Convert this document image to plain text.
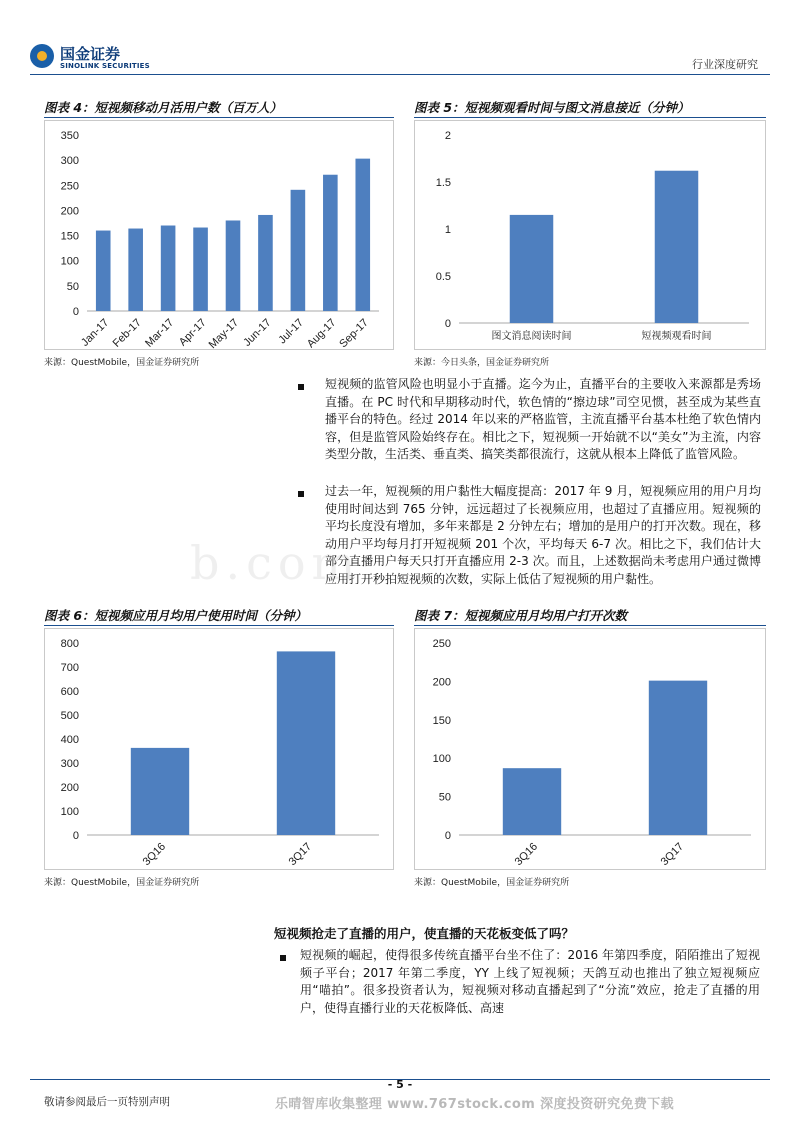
国金证券
SINOLINK SECURITIES	行业深度研究
图表 4：短视频移动月活用户数（百万人）
0
50
100
150
200
250
300
350
Jan-17 Feb-17 Mar-17 Apr-17
May-17 Jun-17 Jul-17
Aug-17
Sep-17
来源：QuestMobile，国金证券研究所
图表 5：短视频观看时间与图文消息接近（分钟）
0
0.5
1
1.5
2
图文消息阅读时间	短视频观看时间
来源：今日头条，国金证券研究所
短视频的监管风险也明显小于直播。迄今为止，直播平台的主要收入来源都是秀场直播。在 PC 时代和早期移动时代，软色情的“擦边球”司空见惯，甚至成为某些直播平台的特色。经过 2014 年以来的严格监管，主流直播平台基本杜绝了软色情内容，但是监管风险始终存在。相比之下，短视频一开始就不以“美女”为主流，内容类型分散，生活类、垂直类、搞笑类都很流行，这就从根本上降低了监管风险。
过去一年，短视频的用户黏性大幅度提高：2017 年 9 月，短视频应用的用户月均使用时间达到 765 分钟，远远超过了长视频应用，也超过了直播应用。短视频的平均长度没有增加，多年来都是 2 分钟左右；增加的是用户的打开次数。现在，移动用户平均每月打开短视频 201 个次，平均每天 6-7 次。相比之下，我们估计大部分直播用户每天只打开直播应用 2-3 次。而且，上述数据尚未考虑用户通过微博应用打开秒拍短视频的次数，实际上低估了短视频的用户黏性。
b.com
图表 6：短视频应用月均用户使用时间（分钟）
0
100
200
300
400
500
600
700
800
3Q16	3Q17
来源：QuestMobile，国金证券研究所
图表 7：短视频应用月均用户打开次数
0
50
100
150
200
250
3Q16	3Q17
来源：QuestMobile，国金证券研究所
短视频抢走了直播的用户，使直播的天花板变低了吗？
短视频的崛起，使得很多传统直播平台坐不住了：2016 年第四季度，陌陌推出了短视频子平台；2017 年第二季度，YY 上线了短视频；天鸽互动也推出了独立短视频应用“喵拍”。很多投资者认为，短视频对移动直播起到了“分流”效应，抢走了直播的用户，使得直播行业的天花板降低、高速
- 5 -
敬请参阅最后一页特别声明	乐晴智库收集整理 www.767stock.com 深度投资研究免费下载
